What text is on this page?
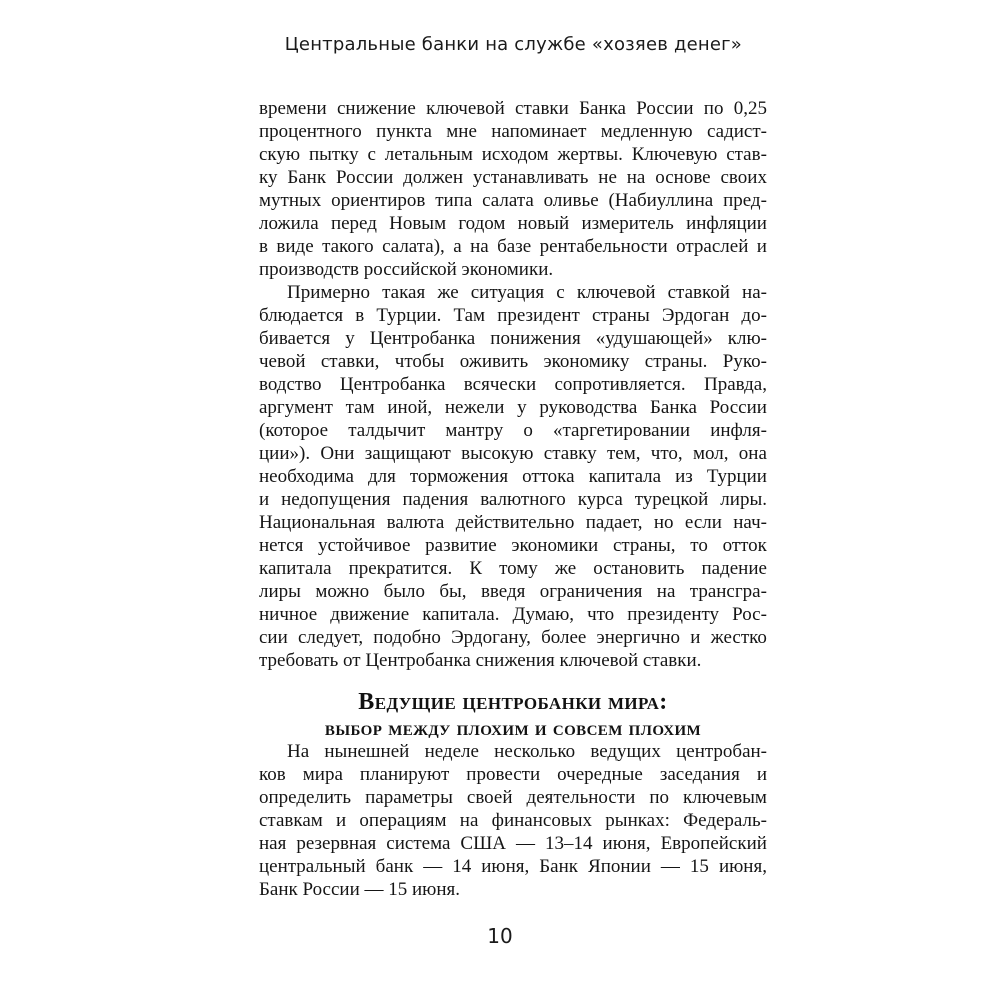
Центральные банки на службе «хозяев денег»
времени снижение ключевой ставки Банка России по 0,25
процентного пункта мне напоминает медленную садист-
скую пытку с летальным исходом жертвы. Ключевую став-
ку Банк России должен устанавливать не на основе своих
мутных ориентиров типа салата оливье (Набиуллина пред-
ложила перед Новым годом новый измеритель инфляции
в виде такого салата), а на базе рентабельности отраслей и
производств российской экономики.
Примерно такая же ситуация с ключевой ставкой на-
блюдается в Турции. Там президент страны Эрдоган до-
бивается у Центробанка понижения «удушающей» клю-
чевой ставки, чтобы оживить экономику страны. Руко-
водство Центробанка всячески сопротивляется. Правда,
аргумент там иной, нежели у руководства Банка России
(которое талдычит мантру о «таргетировании инфля-
ции»). Они защищают высокую ставку тем, что, мол, она
необходима для торможения оттока капитала из Турции
и недопущения падения валютного курса турецкой лиры.
Национальная валюта действительно падает, но если нач-
нется устойчивое развитие экономики страны, то отток
капитала прекратится. К тому же остановить падение
лиры можно было бы, введя ограничения на трансгра-
ничное движение капитала. Думаю, что президенту Рос-
сии следует, подобно Эрдогану, более энергично и жестко
требовать от Центробанка снижения ключевой ставки.
Ведущие центробанки мира:
выбор между плохим и совсем плохим
На нынешней неделе несколько ведущих центробан-
ков мира планируют провести очередные заседания и
определить параметры своей деятельности по ключевым
ставкам и операциям на финансовых рынках: Федераль-
ная резервная система США — 13–14 июня, Европейский
центральный банк — 14 июня, Банк Японии — 15 июня,
Банк России — 15 июня.
10
